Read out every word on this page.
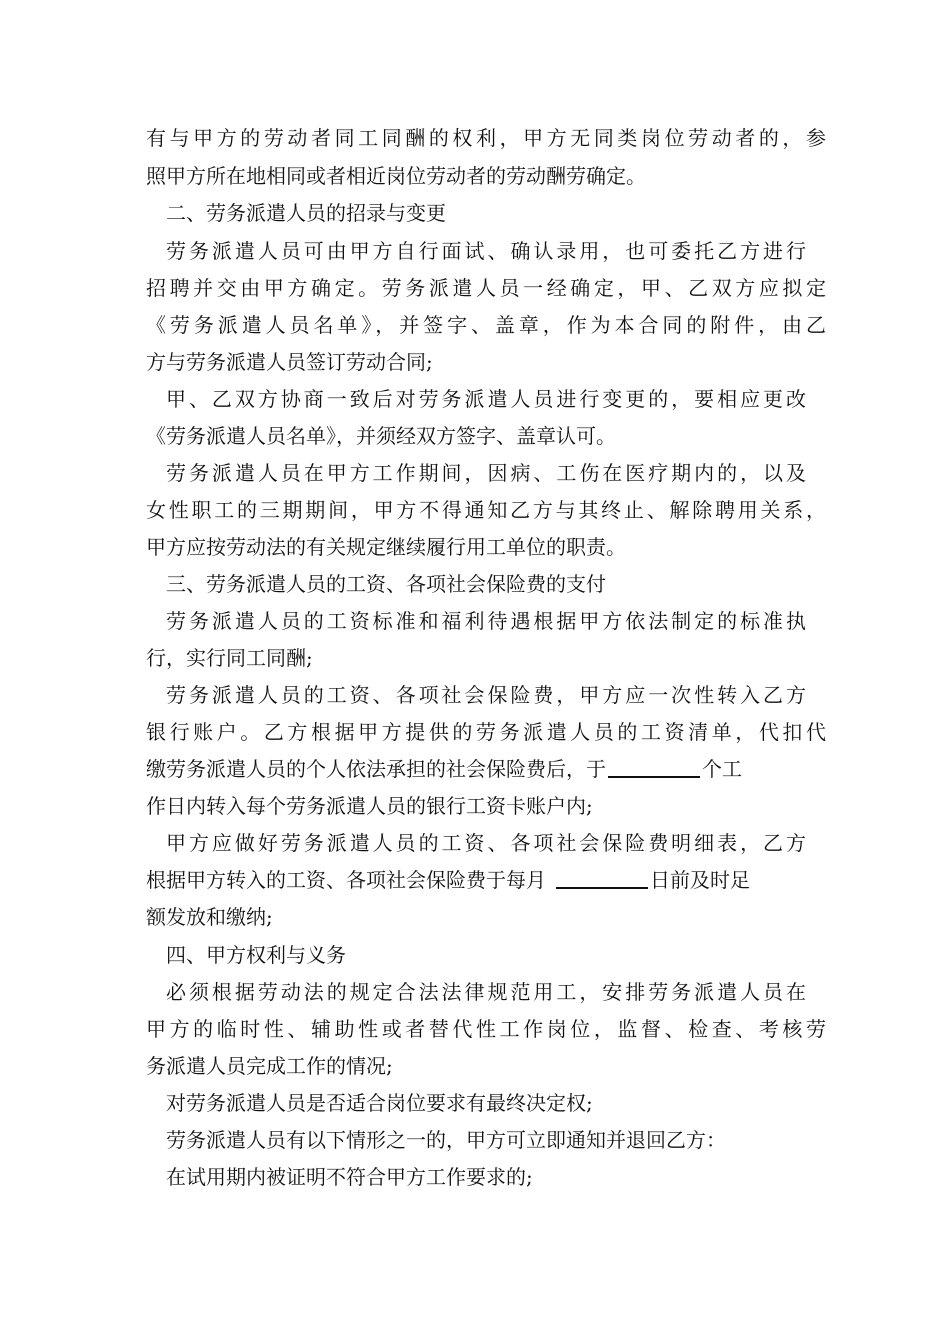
有与甲方的劳动者同工同酬的权利，甲方无同类岗位劳动者的，参
照甲方所在地相同或者相近岗位劳动者的劳动酬劳确定。
二、劳务派遣人员的招录与变更
劳务派遣人员可由甲方自行面试、确认录用，也可委托乙方进行
招聘并交由甲方确定。劳务派遣人员一经确定，甲、乙双方应拟定
《劳务派遣人员名单》，并签字、盖章，作为本合同的附件，由乙
方与劳务派遣人员签订劳动合同;
甲、乙双方协商一致后对劳务派遣人员进行变更的，要相应更改
《劳务派遣人员名单》，并须经双方签字、盖章认可。
劳务派遣人员在甲方工作期间，因病、工伤在医疗期内的，以及
女性职工的三期期间，甲方不得通知乙方与其终止、解除聘用关系，
甲方应按劳动法的有关规定继续履行用工单位的职责。
三、劳务派遣人员的工资、各项社会保险费的支付
劳务派遣人员的工资标准和福利待遇根据甲方依法制定的标准执
行，实行同工同酬;
劳务派遣人员的工资、各项社会保险费，甲方应一次性转入乙方
银行账户。乙方根据甲方提供的劳务派遣人员的工资清单，代扣代
缴劳务派遣人员的个人依法承担的社会保险费后，于	个工
作日内转入每个劳务派遣人员的银行工资卡账户内;
甲方应做好劳务派遣人员的工资、各项社会保险费明细表，乙方
根据甲方转入的工资、各项社会保险费于每月	日前及时足
额发放和缴纳;
四、甲方权利与义务
必须根据劳动法的规定合法法律规范用工，安排劳务派遣人员在
甲方的临时性、辅助性或者替代性工作岗位，监督、检查、考核劳
务派遣人员完成工作的情况;
对劳务派遣人员是否适合岗位要求有最终决定权;
劳务派遣人员有以下情形之一的，甲方可立即通知并退回乙方：
在试用期内被证明不符合甲方工作要求的;
